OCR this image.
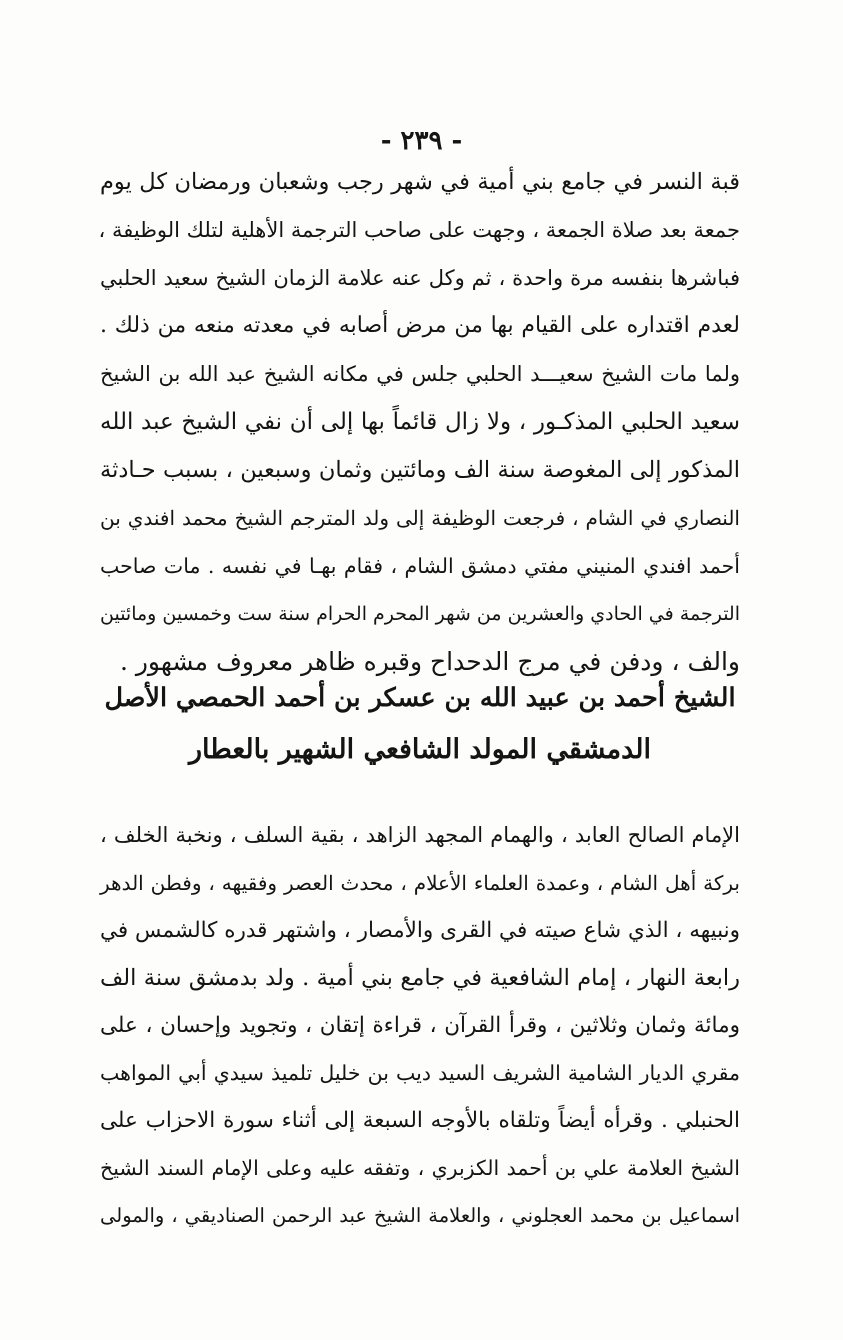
- ٢٣٩ -
قبة النسر في جامع بني أمية في شهر رجب وشعبان ورمضان كل يوم
جمعة بعد صلاة الجمعة ، وجهت على صاحب الترجمة الأهلية لتلك الوظيفة ،
فباشرها بنفسه مرة واحدة ، ثم وكل عنه علامة الزمان الشيخ سعيد الحلبي
لعدم اقتداره على القيام بها من مرض أصابه في معدته منعه من ذلك .
ولما مات الشيخ سعيـــد الحلبي جلس في مكانه الشيخ عبد الله بن الشيخ
سعيد الحلبي المذكـور ، ولا زال قائماً بها إلى أن نفي الشيخ عبد الله
المذكور إلى المغوصة سنة الف ومائتين وثمان وسبعين ، بسبب حـادثة
النصاري في الشام ، فرجعت الوظيفة إلى ولد المترجم الشيخ محمد افندي بن
أحمد افندي المنيني مفتي دمشق الشام ، فقام بهـا في نفسه . مات صاحب
الترجمة في الحادي والعشرين من شهر المحرم الحرام سنة ست وخمسين ومائتين
والف ، ودفن في مرج الدحداح وقبره ظاهر معروف مشهور .
الشيخ أحمد بن عبيد الله بن عسكر بن أحمد الحمصي الأصل
الدمشقي المولد الشافعي الشهير بالعطار
الإمام الصالح العابد ، والهمام المجهد الزاهد ، بقية السلف ، ونخبة الخلف ،
بركة أهل الشام ، وعمدة العلماء الأعلام ، محدث العصر وفقيهه ، وفطن الدهر
ونبيهه ، الذي شاع صيته في القرى والأمصار ، واشتهر قدره كالشمس في
رابعة النهار ، إمام الشافعية في جامع بني أمية . ولد بدمشق سنة الف
ومائة وثمان وثلاثين ، وقرأ القرآن ، قراءة إتقان ، وتجويد وإحسان ، على
مقري الديار الشامية الشريف السيد ديب بن خليل تلميذ سيدي أبي المواهب
الحنبلي . وقرأه أيضاً وتلقاه بالأوجه السبعة إلى أثناء سورة الاحزاب على
الشيخ العلامة علي بن أحمد الكزبري ، وتفقه عليه وعلى الإمام السند الشيخ
اسماعيل بن محمد العجلوني ، والعلامة الشيخ عبد الرحمن الصناديقي ، والمولى
